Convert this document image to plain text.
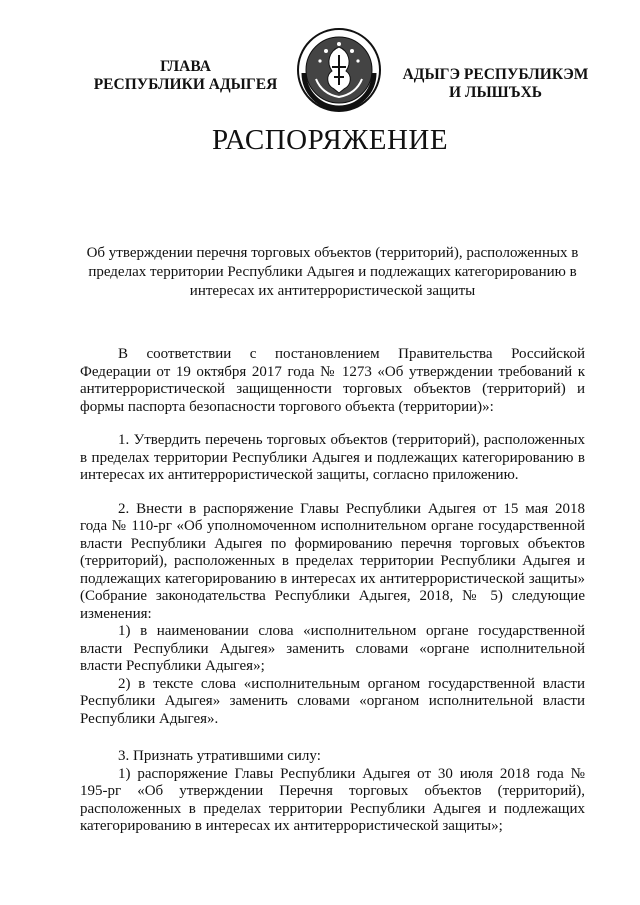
ГЛАВА
РЕСПУБЛИКИ АДЫГЕЯ
АДЫГЭ РЕСПУБЛИКЭМ
И ЛЫШЪХЬ
РАСПОРЯЖЕНИЕ
Об утверждении перечня торговых объектов (территорий), расположенных в пределах территории Республики Адыгея и подлежащих категорированию в интересах их антитеррористической защиты

В соответствии с постановлением Правительства Российской Федерации от 19 октября 2017 года № 1273 «Об утверждении требований к антитеррористической защищенности торговых объектов (территорий) и формы паспорта безопасности торгового объекта (территории)»:

1. Утвердить перечень торговых объектов (территорий), расположенных в пределах территории Республики Адыгея и подлежащих категорированию в интересах их антитеррористической защиты, согласно приложению.

2. Внести в распоряжение Главы Республики Адыгея от 15 мая 2018 года № 110-рг «Об уполномоченном исполнительном органе государственной власти Республики Адыгея по формированию перечня торговых объектов (территорий), расположенных в пределах территории Республики Адыгея и подлежащих категорированию в интересах их антитеррористической защиты» (Собрание законодательства Республики Адыгея, 2018, № 5) следующие изменения:

1) в наименовании слова «исполнительном органе государственной власти Республики Адыгея» заменить словами «органе исполнительной власти Республики Адыгея»;

2) в тексте слова «исполнительным органом государственной власти Республики Адыгея» заменить словами «органом исполнительной власти Республики Адыгея».

3. Признать утратившими силу:

1) распоряжение Главы Республики Адыгея от 30 июля 2018 года № 195-рг «Об утверждении Перечня торговых объектов (территорий), расположенных в пределах территории Республики Адыгея и подлежащих категорированию в интересах их антитеррористической защиты»;
